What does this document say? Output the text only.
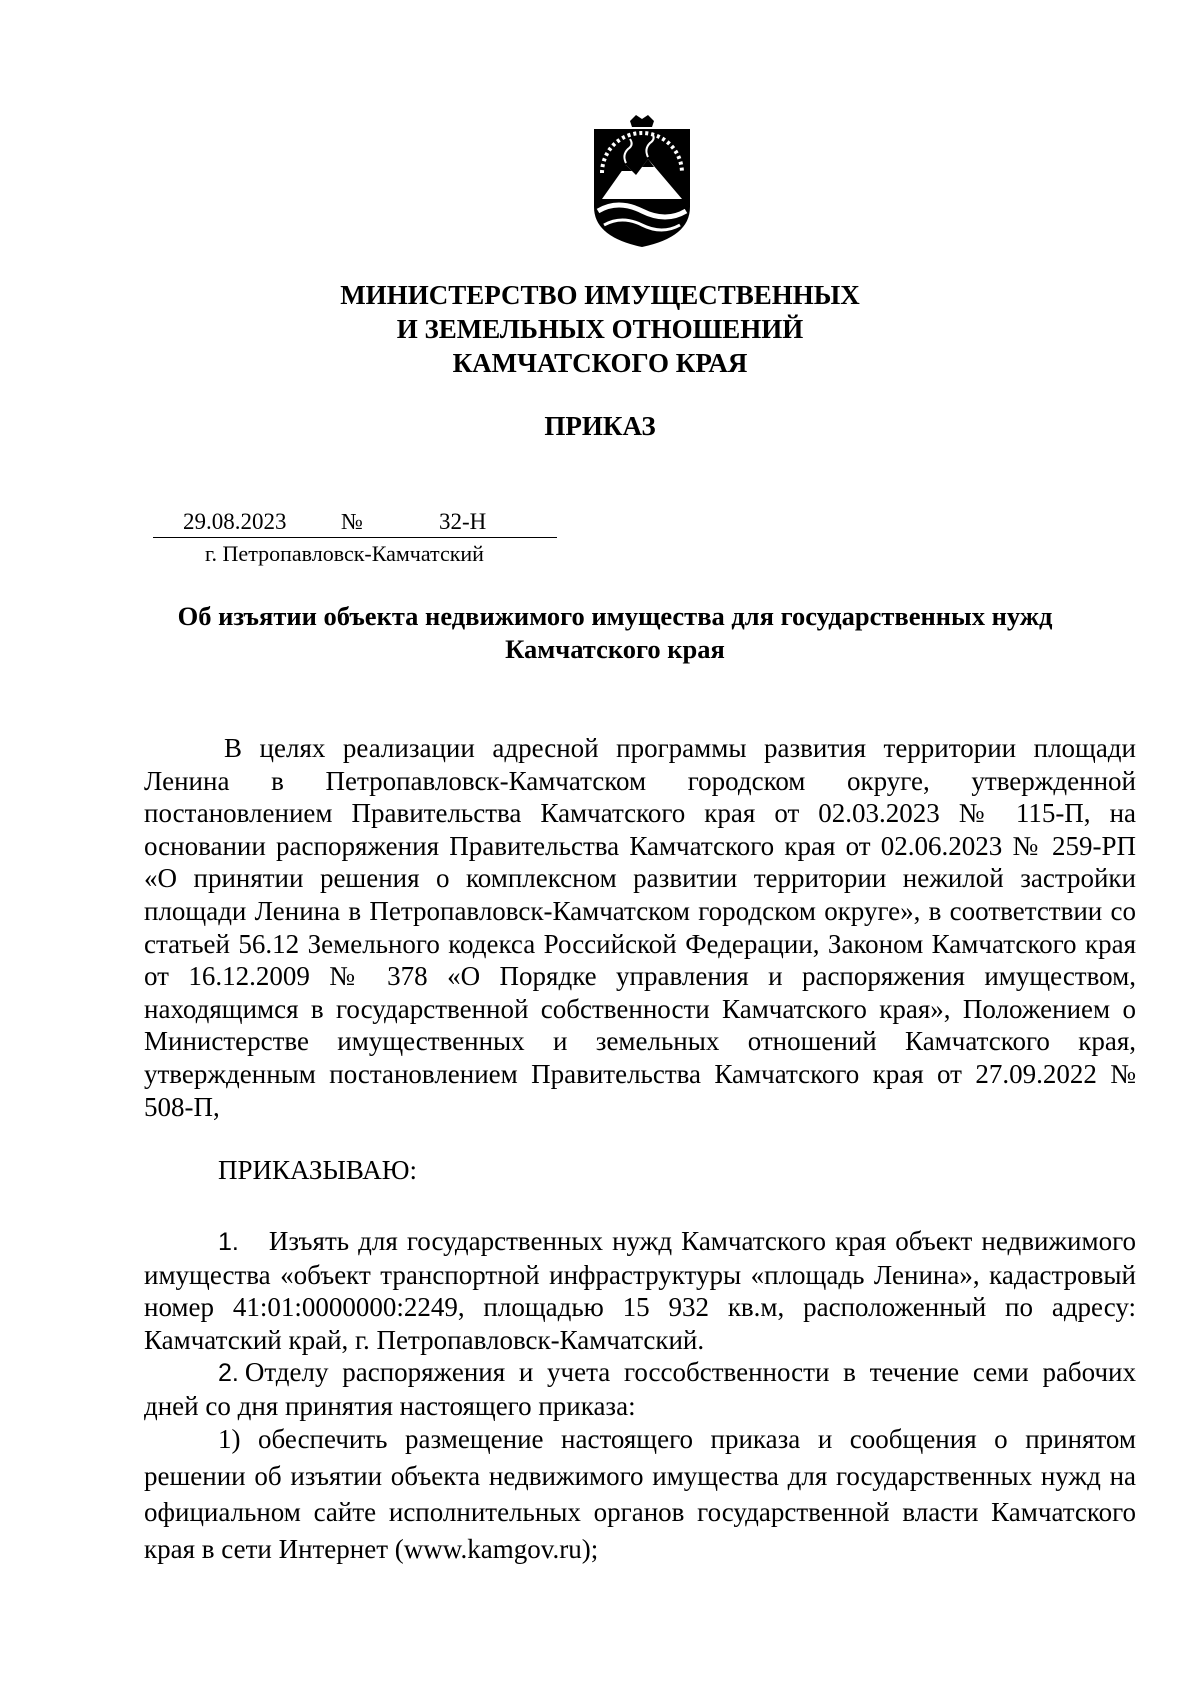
МИНИСТЕРСТВО ИМУЩЕСТВЕННЫХ
И ЗЕМЕЛЬНЫХ ОТНОШЕНИЙ
КАМЧАТСКОГО КРАЯ
ПРИКАЗ
29.08.2023 №	32-Н
г. Петропавловск-Камчатский
Об изъятии объекта недвижимого имущества для государственных нужд
Камчатского края
В целях реализации адресной программы развития территории площади Ленина в Петропавловск-Камчатском городском округе, утвержденной постановлением Правительства Камчатского края от 02.03.2023 № 115-П, на основании распоряжения Правительства Камчатского края от 02.06.2023 № 259-РП «О принятии решения о комплексном развитии территории нежилой застройки площади Ленина в Петропавловск-Камчатском городском округе», в соответствии со статьей 56.12 Земельного кодекса Российской Федерации, Законом Камчатского края от 16.12.2009 № 378 «О Порядке управления и распоряжения имуществом, находящимся в государственной собственности Камчатского края», Положением о Министерстве имущественных и земельных отношений Камчатского края, утвержденным постановлением Правительства Камчатского края от 27.09.2022 № 508-П,
ПРИКАЗЫВАЮ:
1. Изъять для государственных нужд Камчатского края объект недвижимого имущества «объект транспортной инфраструктуры «площадь Ленина», кадастровый номер 41:01:0000000:2249, площадью 15 932 кв.м, расположенный по адресу: Камчатский край, г. Петропавловск-Камчатский.
2. Отделу распоряжения и учета госсобственности в течение семи рабочих дней со дня принятия настоящего приказа:
1) обеспечить размещение настоящего приказа и сообщения о принятом решении об изъятии объекта недвижимого имущества для государственных нужд на официальном сайте исполнительных органов государственной власти Камчатского края в сети Интернет (www.kamgov.ru);
